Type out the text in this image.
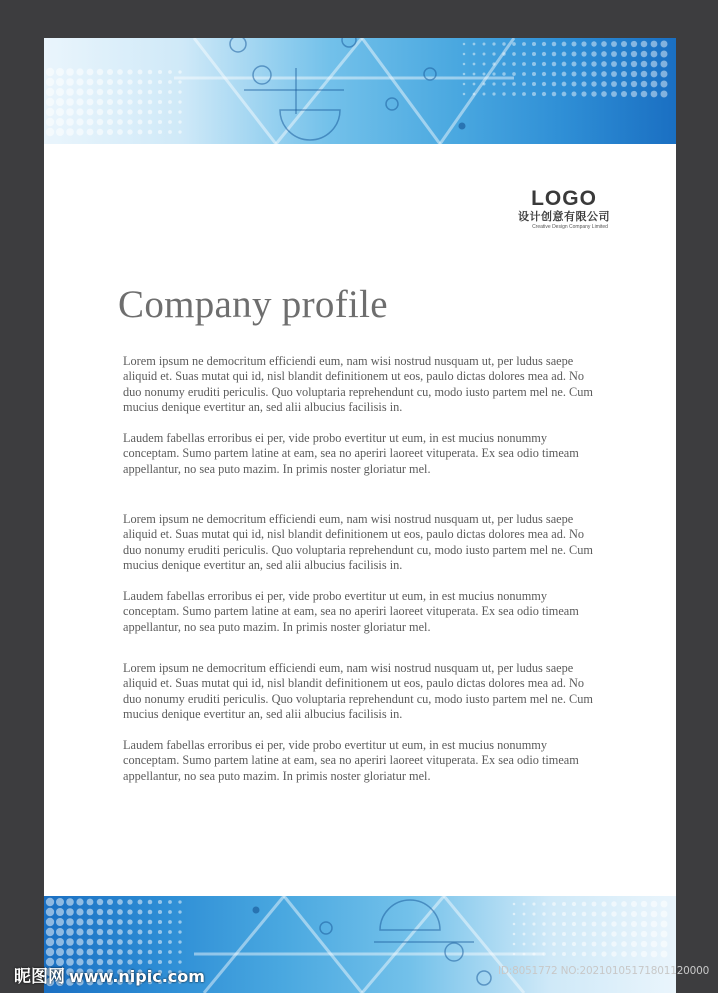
LOGO
设计创意有限公司
Creative Design Company Limited
Company profile

Lorem ipsum ne democritum efficiendi eum, nam wisi nostrud nusquam ut, per ludus saepe aliquid et. Suas mutat qui id, nisl blandit definitionem ut eos, paulo dictas dolores mea ad. No duo nonumy eruditi periculis. Quo voluptaria reprehendunt cu, modo iusto partem mel ne. Cum mucius denique evertitur an, sed alii albucius facilisis in.

Laudem fabellas erroribus ei per, vide probo evertitur ut eum, in est mucius nonummy conceptam. Sumo partem latine at eam, sea no aperiri laoreet vituperata. Ex sea odio timeam appellantur, no sea puto mazim. In primis noster gloriatur mel.

Lorem ipsum ne democritum efficiendi eum, nam wisi nostrud nusquam ut, per ludus saepe aliquid et. Suas mutat qui id, nisl blandit definitionem ut eos, paulo dictas dolores mea ad. No duo nonumy eruditi periculis. Quo voluptaria reprehendunt cu, modo iusto partem mel ne. Cum mucius denique evertitur an, sed alii albucius facilisis in.

Laudem fabellas erroribus ei per, vide probo evertitur ut eum, in est mucius nonummy conceptam. Sumo partem latine at eam, sea no aperiri laoreet vituperata. Ex sea odio timeam appellantur, no sea puto mazim. In primis noster gloriatur mel.

Lorem ipsum ne democritum efficiendi eum, nam wisi nostrud nusquam ut, per ludus saepe aliquid et. Suas mutat qui id, nisl blandit definitionem ut eos, paulo dictas dolores mea ad. No duo nonumy eruditi periculis. Quo voluptaria reprehendunt cu, modo iusto partem mel ne. Cum mucius denique evertitur an, sed alii albucius facilisis in.

Laudem fabellas erroribus ei per, vide probo evertitur ut eum, in est mucius nonummy conceptam. Sumo partem latine at eam, sea no aperiri laoreet vituperata. Ex sea odio timeam appellantur, no sea puto mazim. In primis noster gloriatur mel.

昵图网 www.nipic.com	ID:8051772 NO:20210105171801120000
